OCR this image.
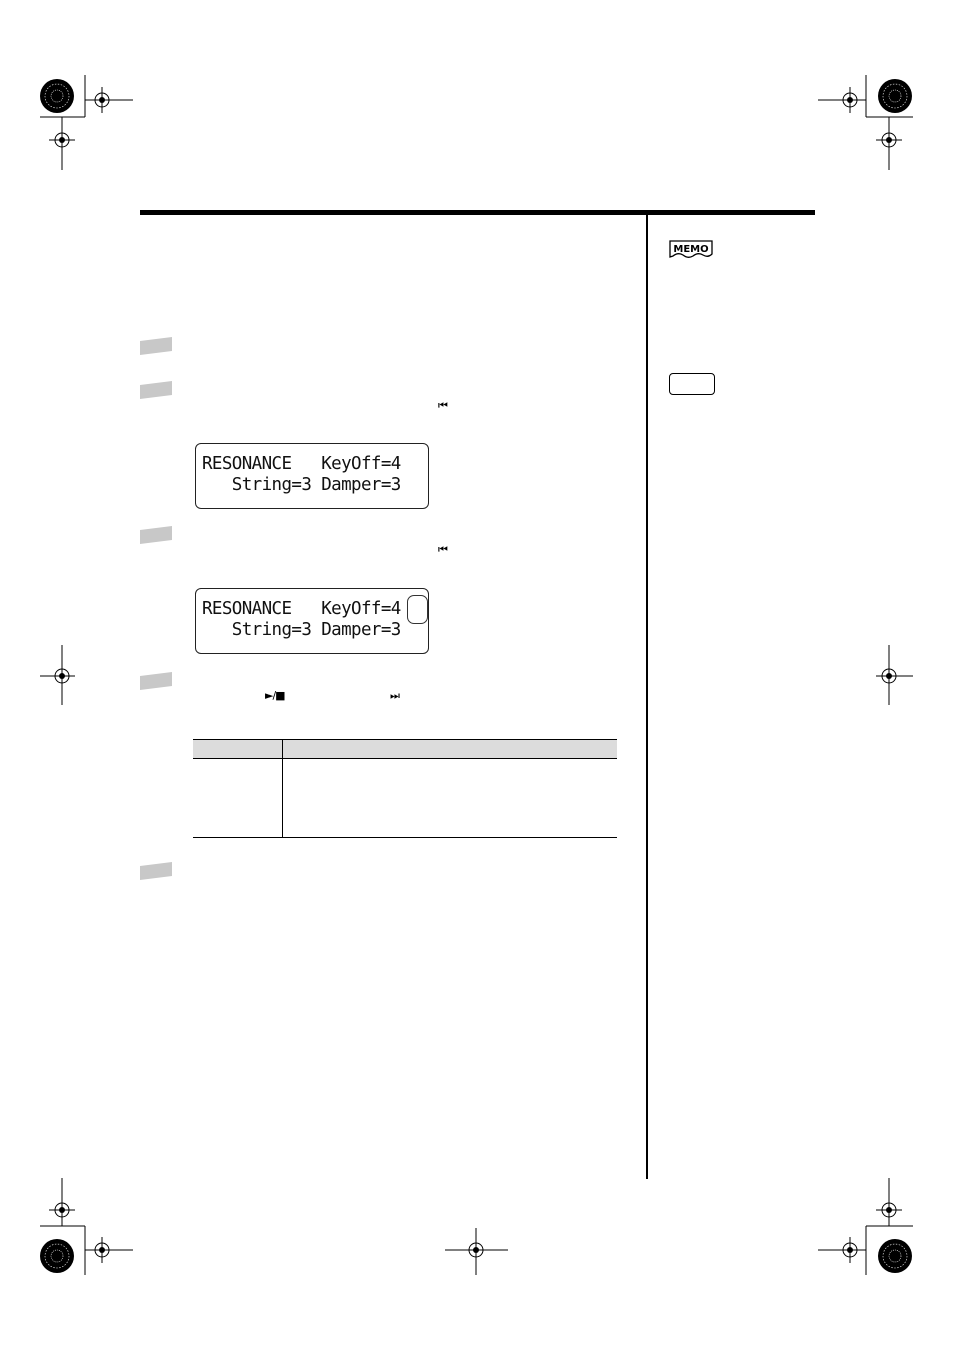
⏮
⏮
►/■	⏭
RESONANCE   KeyOff=4
String=3 Damper=3
RESONANCE   KeyOff=4
String=3 Damper=3
MEMO
